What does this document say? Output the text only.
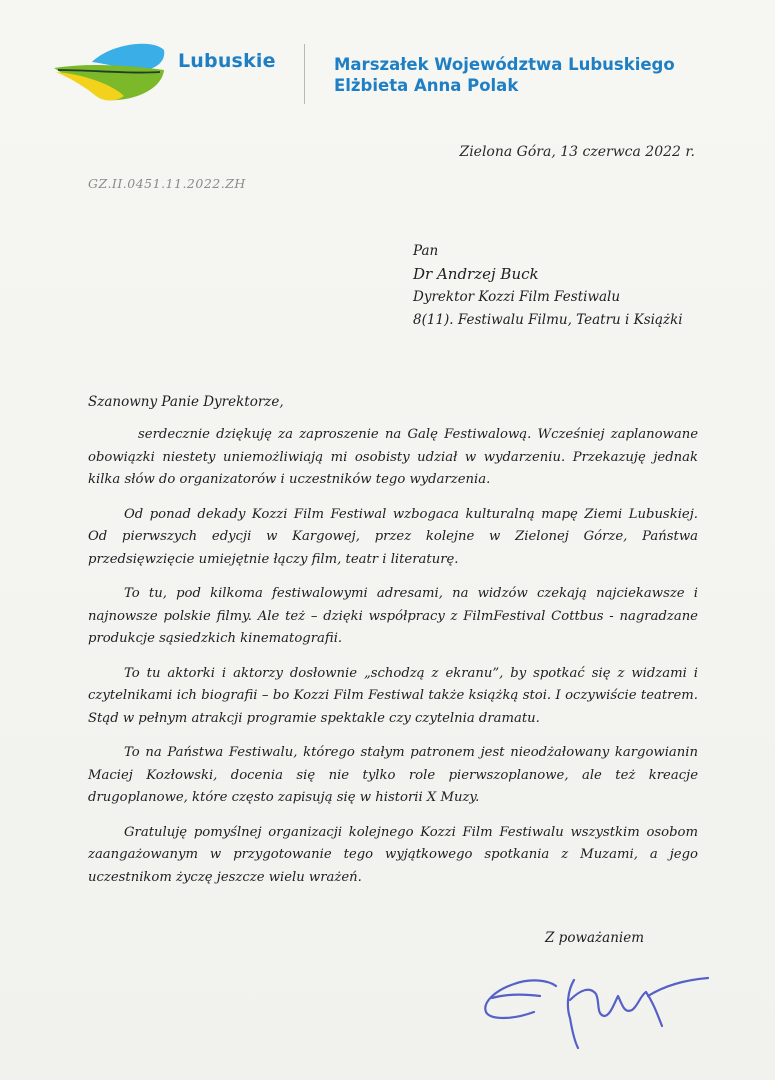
Lubuskie	Marszałek Województwa Lubuskiego
Elżbieta Anna Polak
Zielona Góra, 13 czerwca 2022 r.
GZ.II.0451.11.2022.ZH
Pan
Dr Andrzej Buck
Dyrektor Kozzi Film Festiwalu
8(11). Festiwalu Filmu, Teatru i Książki
Szanowny Panie Dyrektorze,

serdecznie dziękuję za zaproszenie na Galę Festiwalową. Wcześniej zaplanowane obowiązki niestety uniemożliwiają mi osobisty udział w wydarzeniu. Przekazuję jednak kilka słów do organizatorów i uczestników tego wydarzenia.

Od ponad dekady Kozzi Film Festiwal wzbogaca kulturalną mapę Ziemi Lubuskiej. Od pierwszych edycji w Kargowej, przez kolejne w Zielonej Górze, Państwa przedsięwzięcie umiejętnie łączy film, teatr i literaturę.

To tu, pod kilkoma festiwalowymi adresami, na widzów czekają najciekawsze i najnowsze polskie filmy. Ale też – dzięki współpracy z FilmFestival Cottbus - nagradzane produkcje sąsiedzkich kinematografii.

To tu aktorki i aktorzy dosłownie „schodzą z ekranu”, by spotkać się z widzami i czytelnikami ich biografii – bo Kozzi Film Festiwal także książką stoi. I oczywiście teatrem. Stąd w pełnym atrakcji programie spektakle czy czytelnia dramatu.

To na Państwa Festiwalu, którego stałym patronem jest nieodżałowany kargowianin Maciej Kozłowski, docenia się nie tylko role pierwszoplanowe, ale też kreacje drugoplanowe, które często zapisują się w historii X Muzy.

Gratuluję pomyślnej organizacji kolejnego Kozzi Film Festiwalu wszystkim osobom zaangażowanym w przygotowanie tego wyjątkowego spotkania z Muzami, a jego uczestnikom życzę jeszcze wielu wrażeń.

Z poważaniem
